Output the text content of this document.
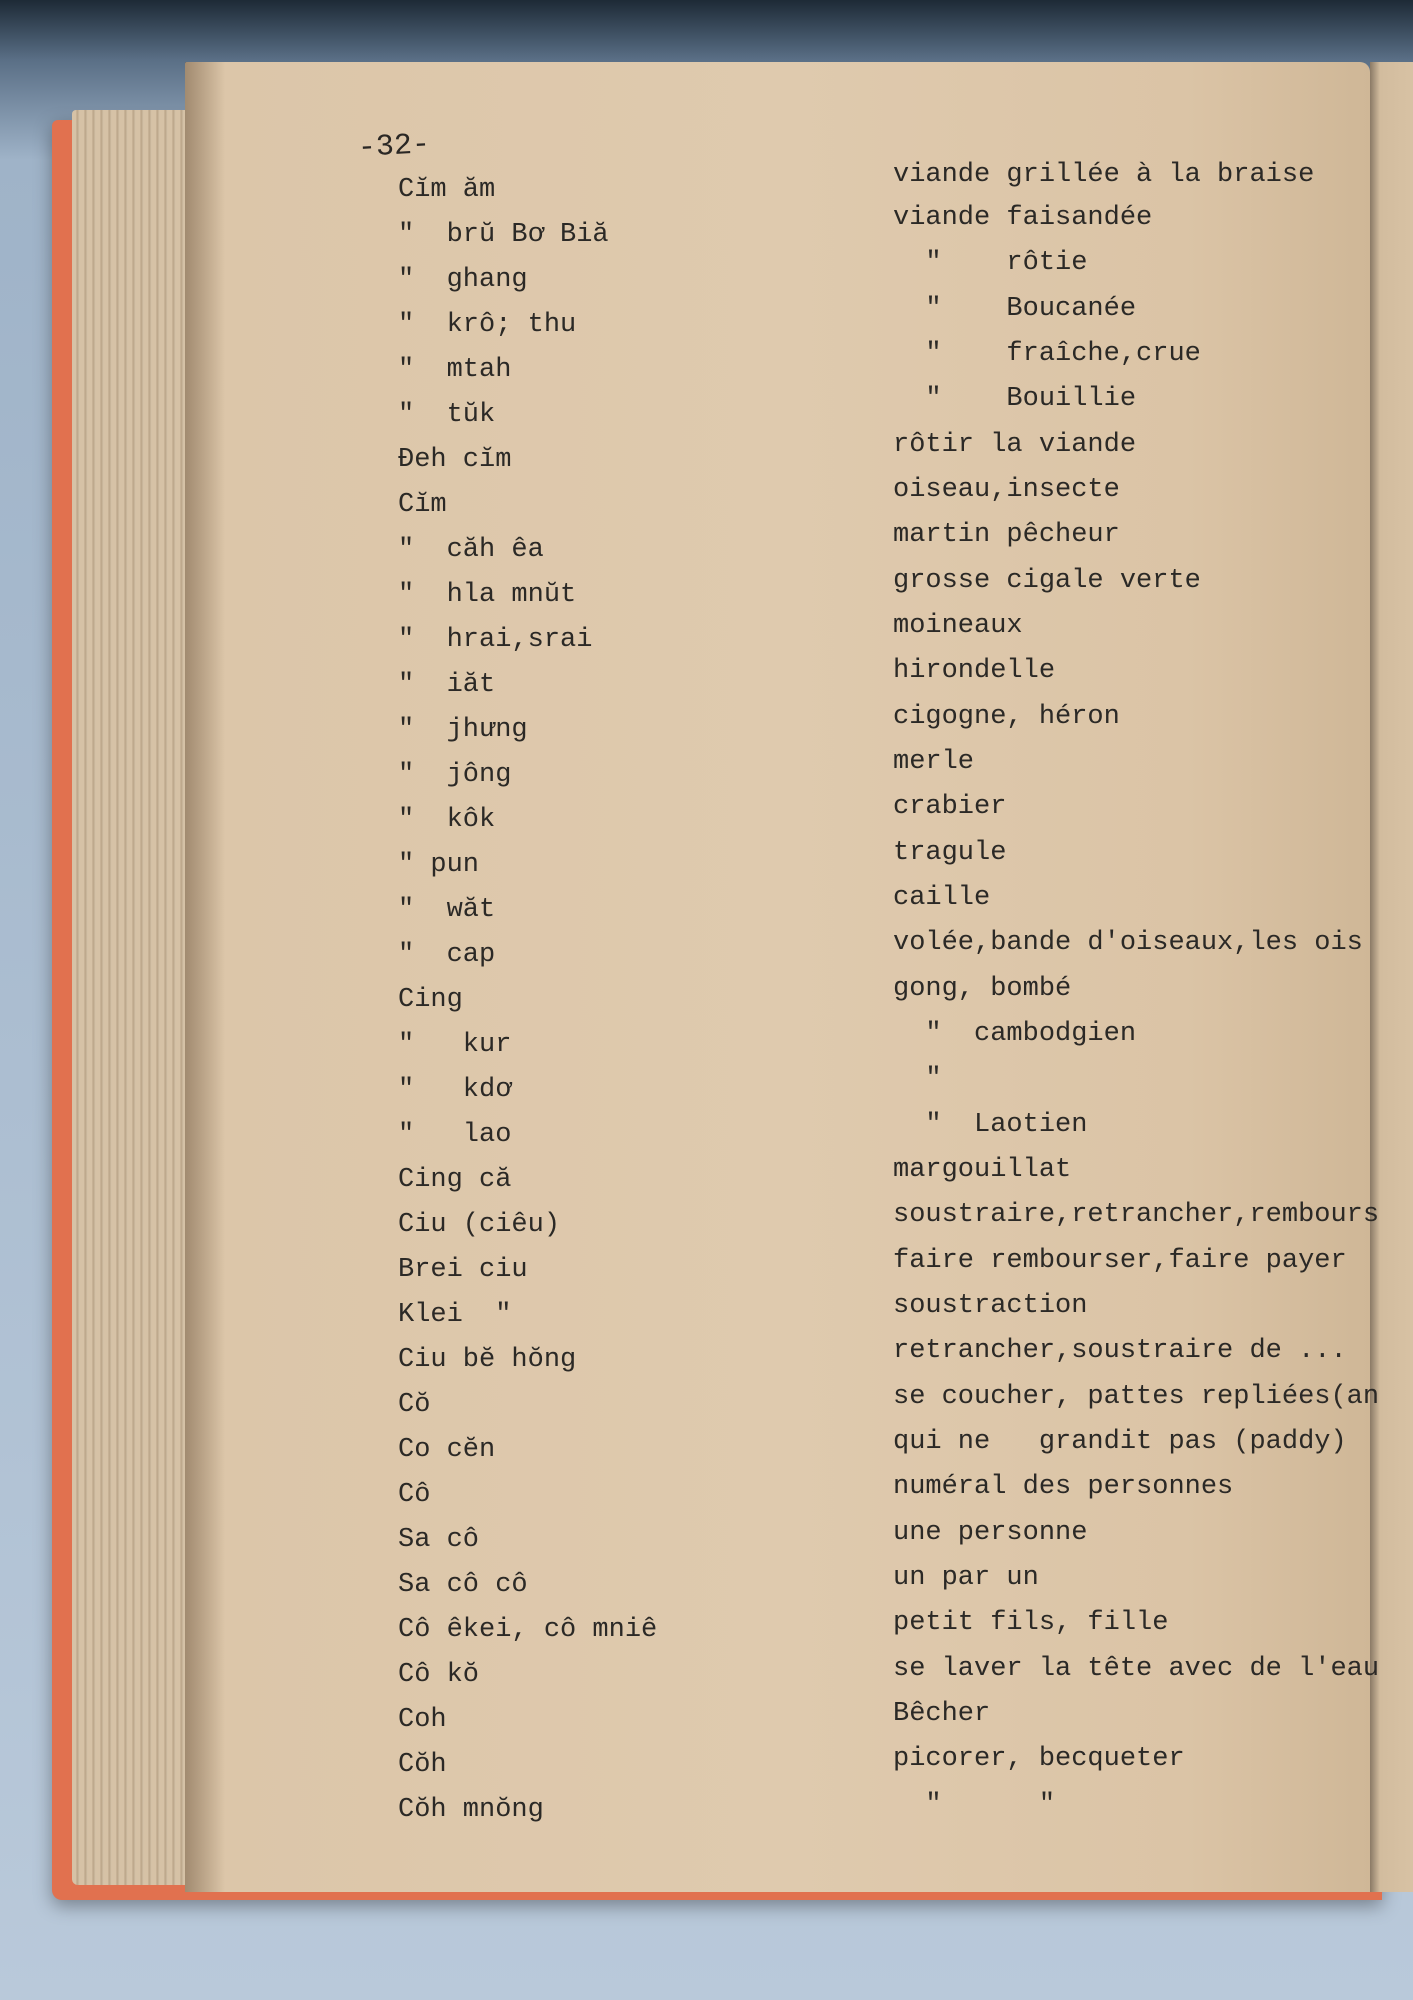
-32-

Cĭm ăm

"  brŭ Bơ Biă

"  ghang

"  krô; thu

"  mtah

"  tŭk

Đeh cĭm

Cĭm

"  căh êa

"  hla mnŭt

"  hrai,srai

"  iăt

"  jhưng

"  jông

"  kôk

" pun

"  wăt

"  cap

Cing

"   kur

"   kdơ

"   lao

Cing că

Ciu (ciêu)

Brei ciu

Klei  "

Ciu bĕ hŏng

Cŏ

Co cĕn

Cô

Sa cô

Sa cô cô

Cô êkei, cô mniê

Cô kŏ

Coh

Cŏh

Cŏh mnŏng

viande grillée à la braise

viande faisandée

"    rôtie

"    Boucanée

"    fraîche,crue

"    Bouillie

rôtir la viande

oiseau,insecte

martin pêcheur

grosse cigale verte

moineaux

hirondelle

cigogne, héron

merle

crabier

tragule

caille

volée,bande d'oiseaux,les ois

gong, bombé

"  cambodgien

"

"  Laotien

margouillat

soustraire,retrancher,rembours

faire rembourser,faire payer

soustraction

retrancher,soustraire de ...

se coucher, pattes repliées(an

qui ne   grandit pas (paddy)

numéral des personnes

une personne

un par un

petit fils, fille

se laver la tête avec de l'eau

Bêcher

picorer, becqueter

"      "
